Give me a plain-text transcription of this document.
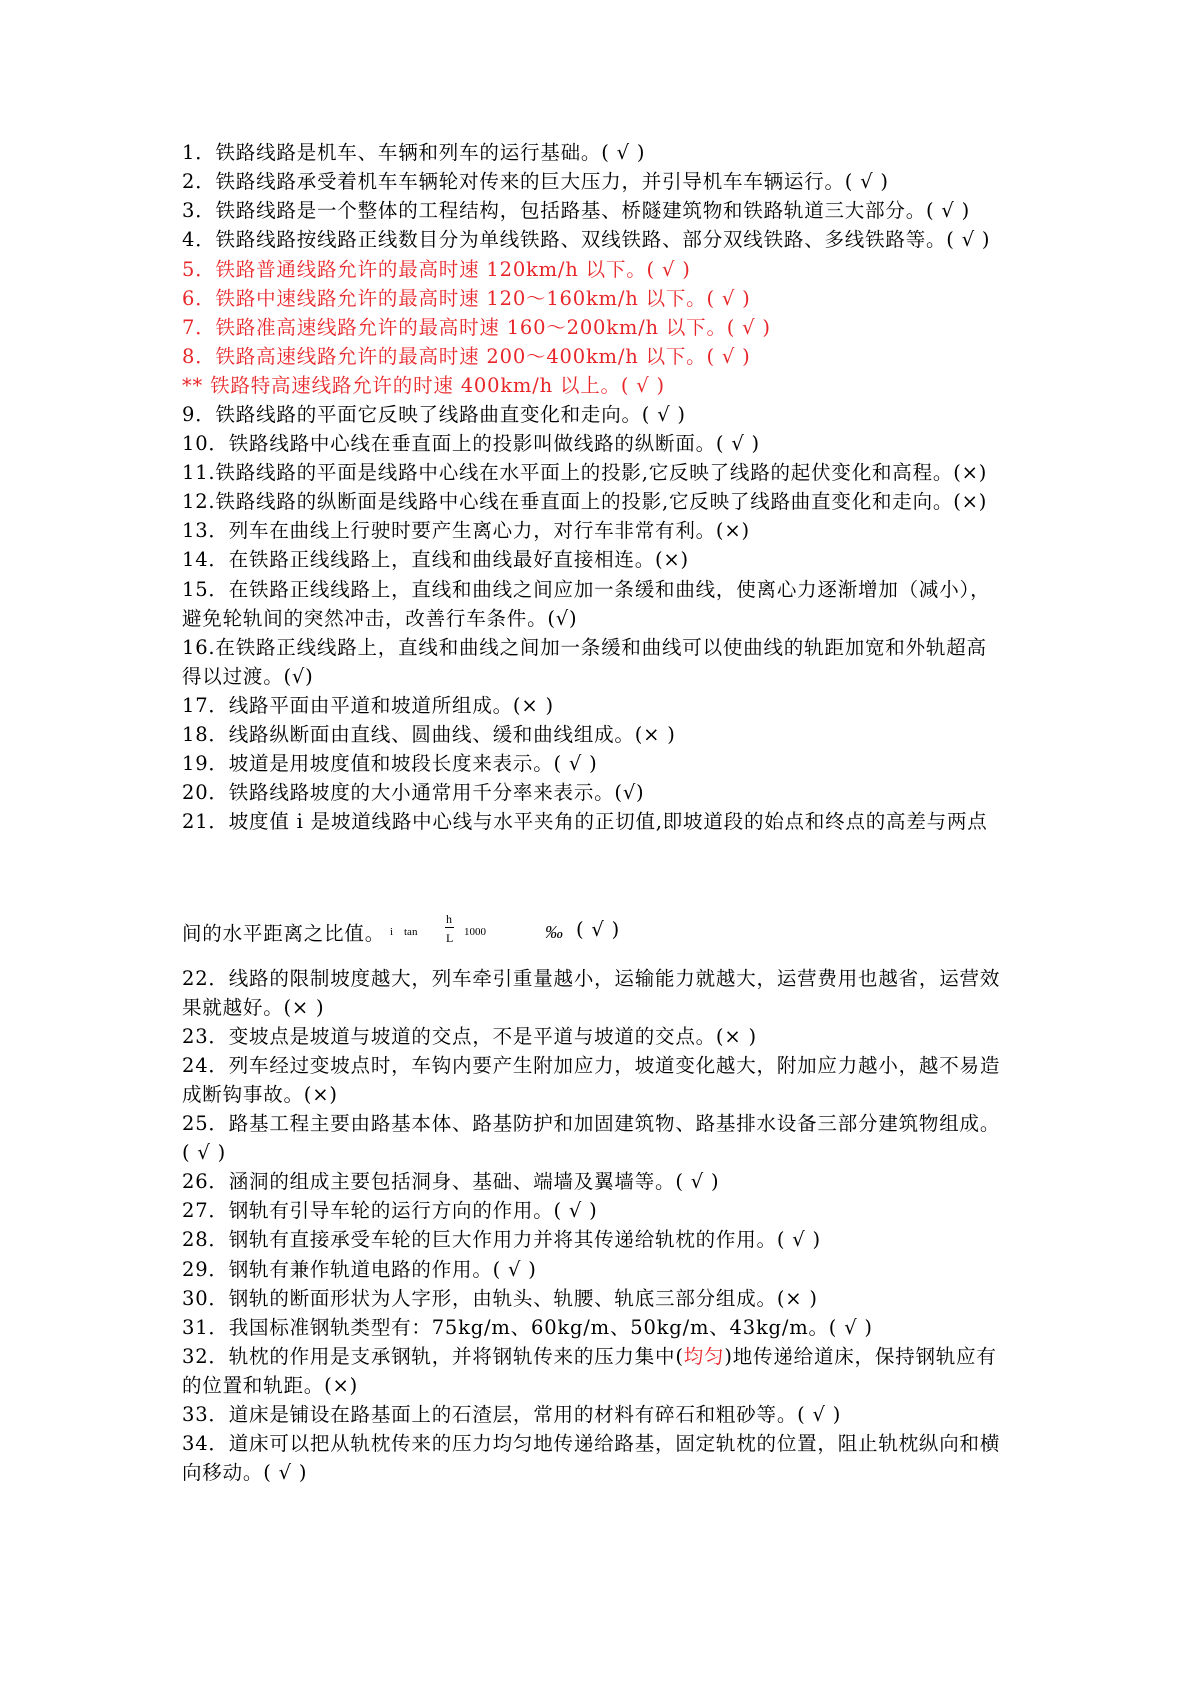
1．铁路线路是机车、车辆和列车的运行基础。( √ )
2．铁路线路承受着机车车辆轮对传来的巨大压力，并引导机车车辆运行。( √ )
3．铁路线路是一个整体的工程结构，包括路基、桥隧建筑物和铁路轨道三大部分。( √ )
4．铁路线路按线路正线数目分为单线铁路、双线铁路、部分双线铁路、多线铁路等。( √ )
5．铁路普通线路允许的最高时速 120km/h 以下。( √ )
6．铁路中速线路允许的最高时速 120～160km/h 以下。( √ )
7．铁路准高速线路允许的最高时速 160～200km/h 以下。( √ )
8．铁路高速线路允许的最高时速 200～400km/h 以下。( √ )
** 铁路特高速线路允许的时速 400km/h 以上。( √ )
9．铁路线路的平面它反映了线路曲直变化和走向。( √ )
10．铁路线路中心线在垂直面上的投影叫做线路的纵断面。( √ )
11.铁路线路的平面是线路中心线在水平面上的投影,它反映了线路的起伏变化和高程。(×)
12.铁路线路的纵断面是线路中心线在垂直面上的投影,它反映了线路曲直变化和走向。(×)
13．列车在曲线上行驶时要产生离心力，对行车非常有利。(×)
14．在铁路正线线路上，直线和曲线最好直接相连。(×)
15．在铁路正线线路上，直线和曲线之间应加一条缓和曲线，使离心力逐渐增加（减小），
避免轮轨间的突然冲击，改善行车条件。(√)
16.在铁路正线线路上，直线和曲线之间加一条缓和曲线可以使曲线的轨距加宽和外轨超高
得以过渡。(√)
17．线路平面由平道和坡道所组成。(× )
18．线路纵断面由直线、圆曲线、缓和曲线组成。(× )
19．坡道是用坡度值和坡段长度来表示。( √ )
20．铁路线路坡度的大小通常用千分率来表示。(√)
21．坡度值 i 是坡道线路中心线与水平夹角的正切值,即坡道段的始点和终点的高差与两点
间的水平距离之比值。 i tan
h
L 1000	‰ ( √ )
22．线路的限制坡度越大，列车牵引重量越小，运输能力就越大，运营费用也越省，运营效
果就越好。(× )
23．变坡点是坡道与坡道的交点，不是平道与坡道的交点。(× )
24．列车经过变坡点时，车钩内要产生附加应力，坡道变化越大，附加应力越小，越不易造
成断钩事故。(×)
25．路基工程主要由路基本体、路基防护和加固建筑物、路基排水设备三部分建筑物组成。
( √ )
26．涵洞的组成主要包括洞身、基础、端墙及翼墙等。( √ )
27．钢轨有引导车轮的运行方向的作用。( √ )
28．钢轨有直接承受车轮的巨大作用力并将其传递给轨枕的作用。( √ )
29．钢轨有兼作轨道电路的作用。( √ )
30．钢轨的断面形状为人字形，由轨头、轨腰、轨底三部分组成。(× )
31．我国标准钢轨类型有：75kg/m、60kg/m、50kg/m、43kg/m。( √ )
32．轨枕的作用是支承钢轨，并将钢轨传来的压力集中(均匀)地传递给道床，保持钢轨应有
的位置和轨距。(×)
33．道床是铺设在路基面上的石渣层，常用的材料有碎石和粗砂等。( √ )
34．道床可以把从轨枕传来的压力均匀地传递给路基，固定轨枕的位置，阻止轨枕纵向和横
向移动。( √ )
